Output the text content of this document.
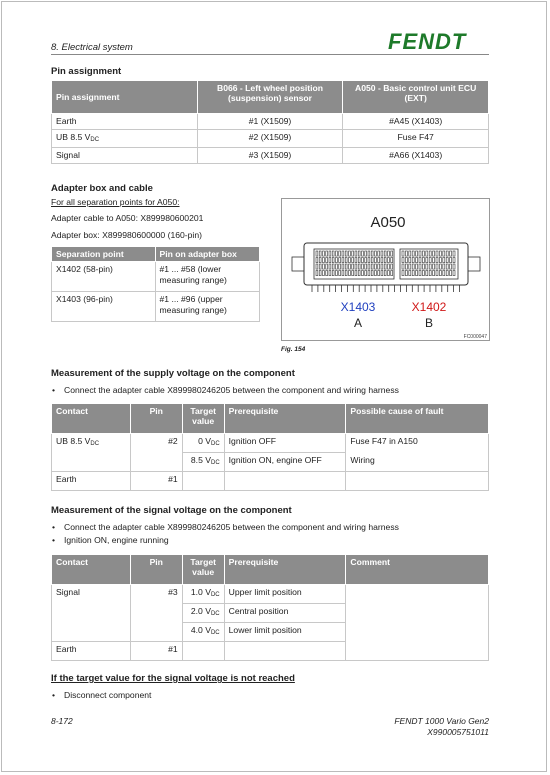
8. Electrical system	FENDT
Pin assignment
Pin assignment	B066 - Left wheel position (suspension) sensor	A050 - Basic control unit ECU (EXT)
Earth	#1 (X1509)	#A45 (X1403)
UB 8.5 $V_{DC}$	#2 (X1509)	Fuse F47
Signal	#3 (X1509)	#A66 (X1403)
Adapter box and cable
For all separation points for A050:
Adapter cable to A050: X899980600201
Adapter box: X899980600000 (160-pin)
Separation point	Pin on adapter box
X1402 (58-pin)	#1 ... #58 (lower measuring range)
X1403 (96-pin)	#1 ... #96 (upper measuring range)
A050
X1403	X1402
A	B
FC000047
Fig. 154
Measurement of the supply voltage on the component
• Connect the adapter cable X899980246205 between the component and wiring harness
Contact	Pin	Target value	Prerequisite	Possible cause of fault
UB 8.5 $V_{DC}$	#2	0 $V_{DC}$	Ignition OFF	Fuse F47 in A150
		8.5 $V_{DC}$	Ignition ON, engine OFF	Wiring
Earth	#1			
Measurement of the signal voltage on the component
• Connect the adapter cable X899980246205 between the component and wiring harness
• Ignition ON, engine running
Contact	Pin	Target value	Prerequisite	Comment
Signal	#3	1.0 $V_{DC}$	Upper limit position	
		2.0 $V_{DC}$	Central position	
		4.0 $V_{DC}$	Lower limit position	
Earth	#1			
If the target value for the signal voltage is not reached
• Disconnect component
8-172	FENDT 1000 Vario Gen2
X990005751011
